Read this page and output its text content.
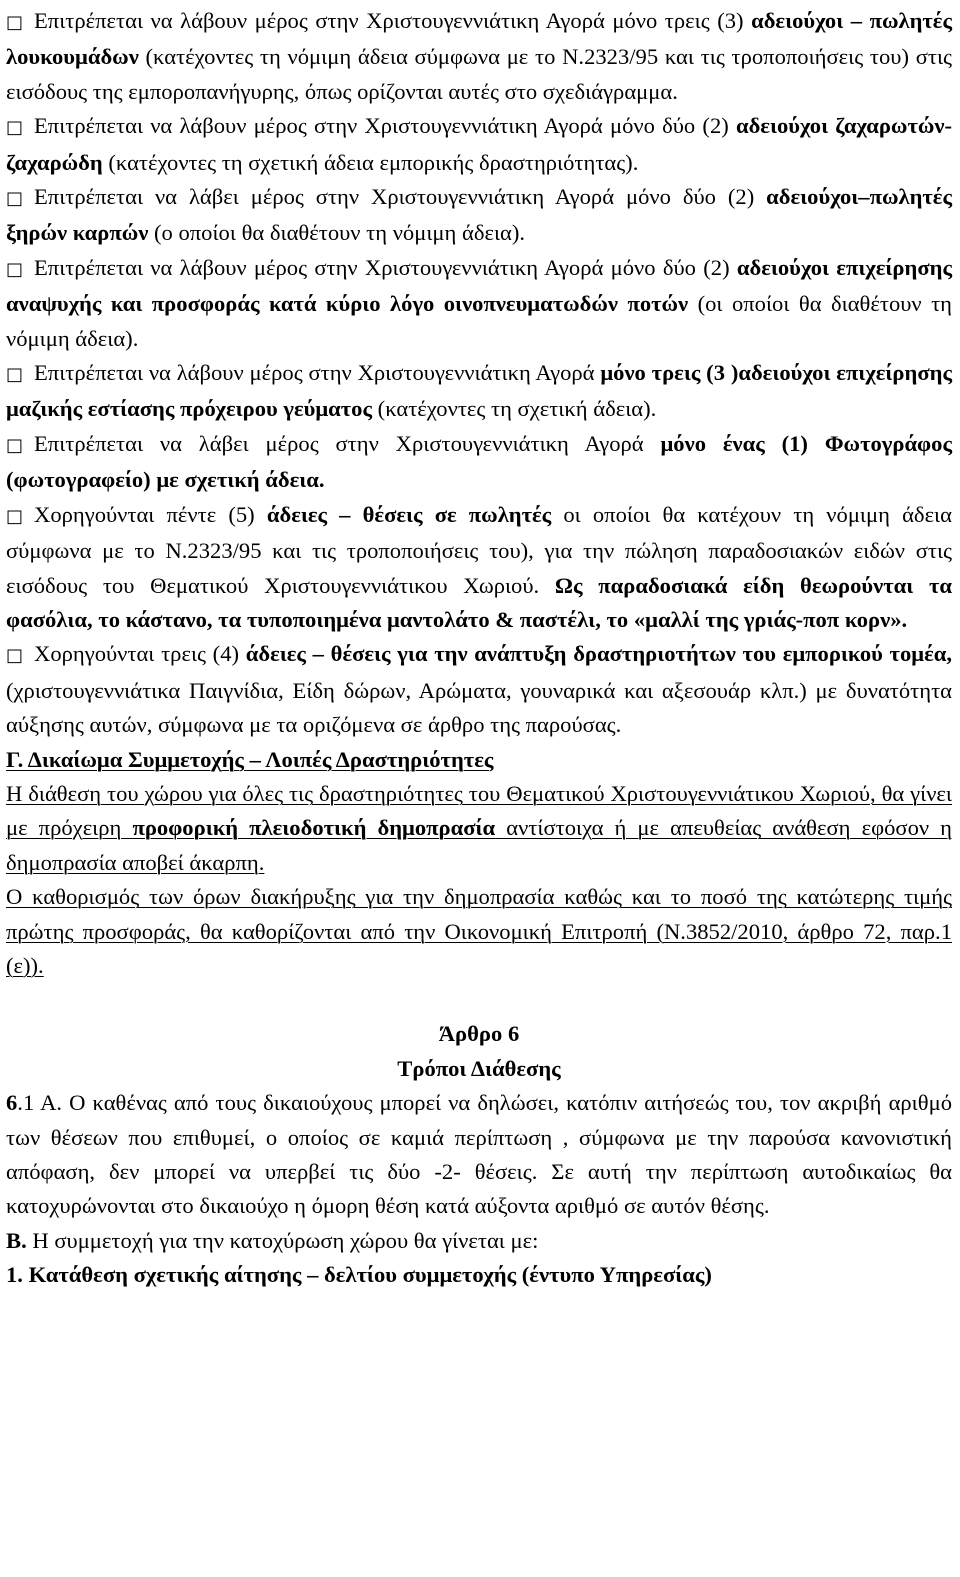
□ Επιτρέπεται να λάβουν μέρος στην Χριστουγεννιάτικη Αγορά μόνο τρεις (3) αδειούχοι – πωλητές λουκουμάδων (κατέχοντες τη νόμιμη άδεια σύμφωνα με το Ν.2323/95 και τις τροποποιήσεις του) στις εισόδους της εμποροπανήγυρης, όπως ορίζονται αυτές στο σχεδιάγραμμα.

□ Επιτρέπεται να λάβουν μέρος στην Χριστουγεννιάτικη Αγορά μόνο δύο (2) αδειούχοι ζαχαρωτών-ζαχαρώδη (κατέχοντες τη σχετική άδεια εμπορικής δραστηριότητας).

□ Επιτρέπεται να λάβει μέρος στην Χριστουγεννιάτικη Αγορά μόνο δύο (2) αδειούχοι–πωλητές ξηρών καρπών (ο οποίοι θα διαθέτουν τη νόμιμη άδεια).

□ Επιτρέπεται να λάβουν μέρος στην Χριστουγεννιάτικη Αγορά μόνο δύο (2) αδειούχοι επιχείρησης αναψυχής και προσφοράς κατά κύριο λόγο οινοπνευματωδών ποτών (οι οποίοι θα διαθέτουν τη νόμιμη άδεια).

□ Επιτρέπεται να λάβουν μέρος στην Χριστουγεννιάτικη Αγορά μόνο τρεις (3 )αδειούχοι επιχείρησης μαζικής εστίασης πρόχειρου γεύματος (κατέχοντες τη σχετική άδεια).

□ Επιτρέπεται να λάβει μέρος στην Χριστουγεννιάτικη Αγορά μόνο ένας (1) Φωτογράφος (φωτογραφείο) με σχετική άδεια.

□ Χορηγούνται πέντε (5) άδειες – θέσεις σε πωλητές οι οποίοι θα κατέχουν τη νόμιμη άδεια σύμφωνα με το Ν.2323/95 και τις τροποποιήσεις του), για την πώληση παραδοσιακών ειδών στις εισόδους του Θεματικού Χριστουγεννιάτικου Χωριού. Ως παραδοσιακά είδη θεωρούνται τα φασόλια, το κάστανο, τα τυποποιημένα μαντολάτο & παστέλι, το «μαλλί της γριάς-ποπ κορν».

□ Χορηγούνται τρεις (4) άδειες – θέσεις για την ανάπτυξη δραστηριοτήτων του εμπορικού τομέα, (χριστουγεννιάτικα Παιγνίδια, Είδη δώρων, Αρώματα, γουναρικά και αξεσουάρ κλπ.) με δυνατότητα αύξησης αυτών, σύμφωνα με τα οριζόμενα σε άρθρο της παρούσας.

Γ. Δικαίωμα Συμμετοχής – Λοιπές Δραστηριότητες

Η διάθεση του χώρου για όλες τις δραστηριότητες του Θεματικού Χριστουγεννιάτικου Χωριού, θα γίνει με πρόχειρη προφορική πλειοδοτική δημοπρασία αντίστοιχα ή με απευθείας ανάθεση εφόσον η δημοπρασία αποβεί άκαρπη.

Ο καθορισμός των όρων διακήρυξης για την δημοπρασία καθώς και το ποσό της κατώτερης τιμής πρώτης προσφοράς, θα καθορίζονται από την Οικονομική Επιτροπή (Ν.3852/2010, άρθρο 72, παρ.1 (ε)).

Άρθρο 6

Τρόποι Διάθεσης

6.1 Α. Ο καθένας από τους δικαιούχους μπορεί να δηλώσει, κατόπιν αιτήσεώς του, τον ακριβή αριθμό των θέσεων που επιθυμεί, ο οποίος σε καμιά περίπτωση , σύμφωνα με την παρούσα κανονιστική απόφαση, δεν μπορεί να υπερβεί τις δύο -2- θέσεις. Σε αυτή την περίπτωση αυτοδικαίως θα κατοχυρώνονται στο δικαιούχο η όμορη θέση κατά αύξοντα αριθμό σε αυτόν θέσης.

Β. Η συμμετοχή για την κατοχύρωση χώρου θα γίνεται με:

1. Κατάθεση σχετικής αίτησης – δελτίου συμμετοχής (έντυπο Υπηρεσίας)
